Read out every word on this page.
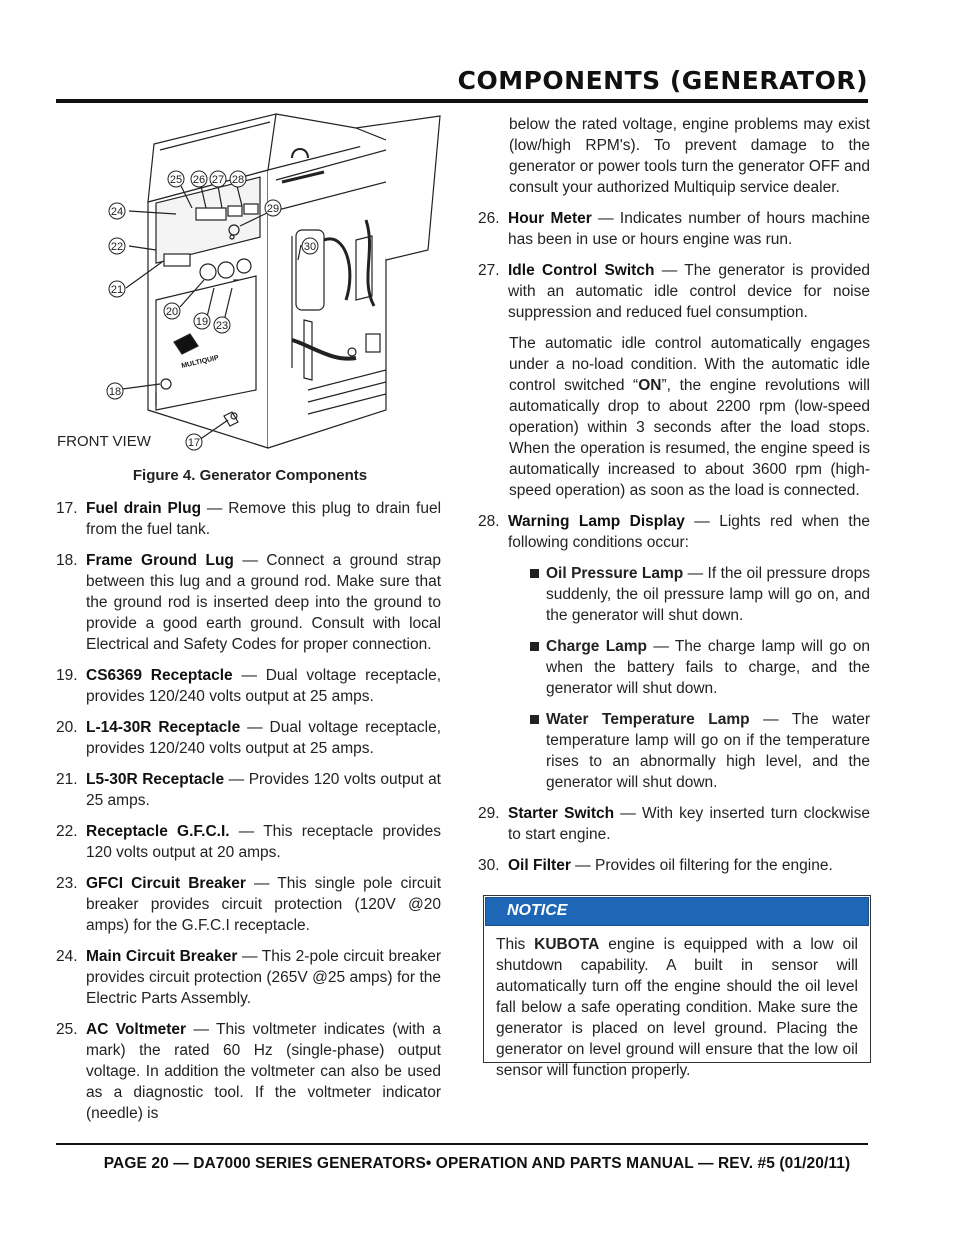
COMPONENTS (GENERATOR)
MULTIQUIP
25 26 27 28
24	29
30
22
21
20
19 23
18
17
FRONT VIEW
Figure 4. Generator Components
17. Fuel drain Plug — Remove this plug to drain fuel from the fuel tank.
18. Frame Ground Lug — Connect a ground strap between this lug and a ground rod. Make sure that the ground rod is inserted deep into the ground to provide a good earth ground. Consult with local Electrical and Safety Codes for proper connection.
19. CS6369 Receptacle — Dual voltage receptacle, provides 120/240 volts output at 25 amps.
20. L-14-30R Receptacle — Dual voltage receptacle, provides 120/240 volts output at 25 amps.
21. L5-30R Receptacle — Provides 120 volts output at 25 amps.
22. Receptacle G.F.C.I. — This receptacle provides 120 volts output at 20 amps.
23. GFCI Circuit Breaker — This single pole circuit breaker provides circuit protection (120V @20 amps) for the G.F.C.I receptacle.
24. Main Circuit Breaker — This 2-pole circuit breaker provides circuit protection (265V @25 amps) for the Electric Parts Assembly.
25. AC Voltmeter — This voltmeter indicates (with a mark) the rated 60 Hz (single-phase) output voltage. In addition the voltmeter can also be used as a diagnostic tool. If the voltmeter indicator (needle) is
below the rated voltage, engine problems may exist (low/high RPM's). To prevent damage to the generator or power tools turn the generator OFF and consult your authorized Multiquip service dealer.
26. Hour Meter — Indicates number of hours machine has been in use or hours engine was run.
27. Idle Control Switch — The generator is provided with an automatic idle control device for noise suppression and reduced fuel consumption.
The automatic idle control automatically engages under a no-load condition. With the automatic idle control switched “ON”, the engine revolutions will automatically drop to about 2200 rpm (low-speed operation) within 3 seconds after the load stops. When the operation is resumed, the engine speed is automatically increased to about 3600 rpm (high-speed operation) as soon as the load is connected.
28. Warning Lamp Display — Lights red when the following conditions occur:
Oil Pressure Lamp — If the oil pressure drops suddenly, the oil pressure lamp will go on, and the generator will shut down.
Charge Lamp — The charge lamp will go on when the battery fails to charge, and the generator will shut down.
Water Temperature Lamp — The water temperature lamp will go on if the temperature rises to an abnormally high level, and the generator will shut down.
29. Starter Switch — With key inserted turn clockwise to start engine.
30. Oil Filter — Provides oil filtering for the engine.
NOTICE
This KUBOTA engine is equipped with a low oil shutdown capability. A built in sensor will automatically turn off the engine should the oil level fall below a safe operating condition. Make sure the generator is placed on level ground. Placing the generator on level ground will ensure that the low oil sensor will function properly.
PAGE 20 — DA7000 SERIES GENERATORS• OPERATION AND PARTS MANUAL — REV. #5 (01/20/11)
